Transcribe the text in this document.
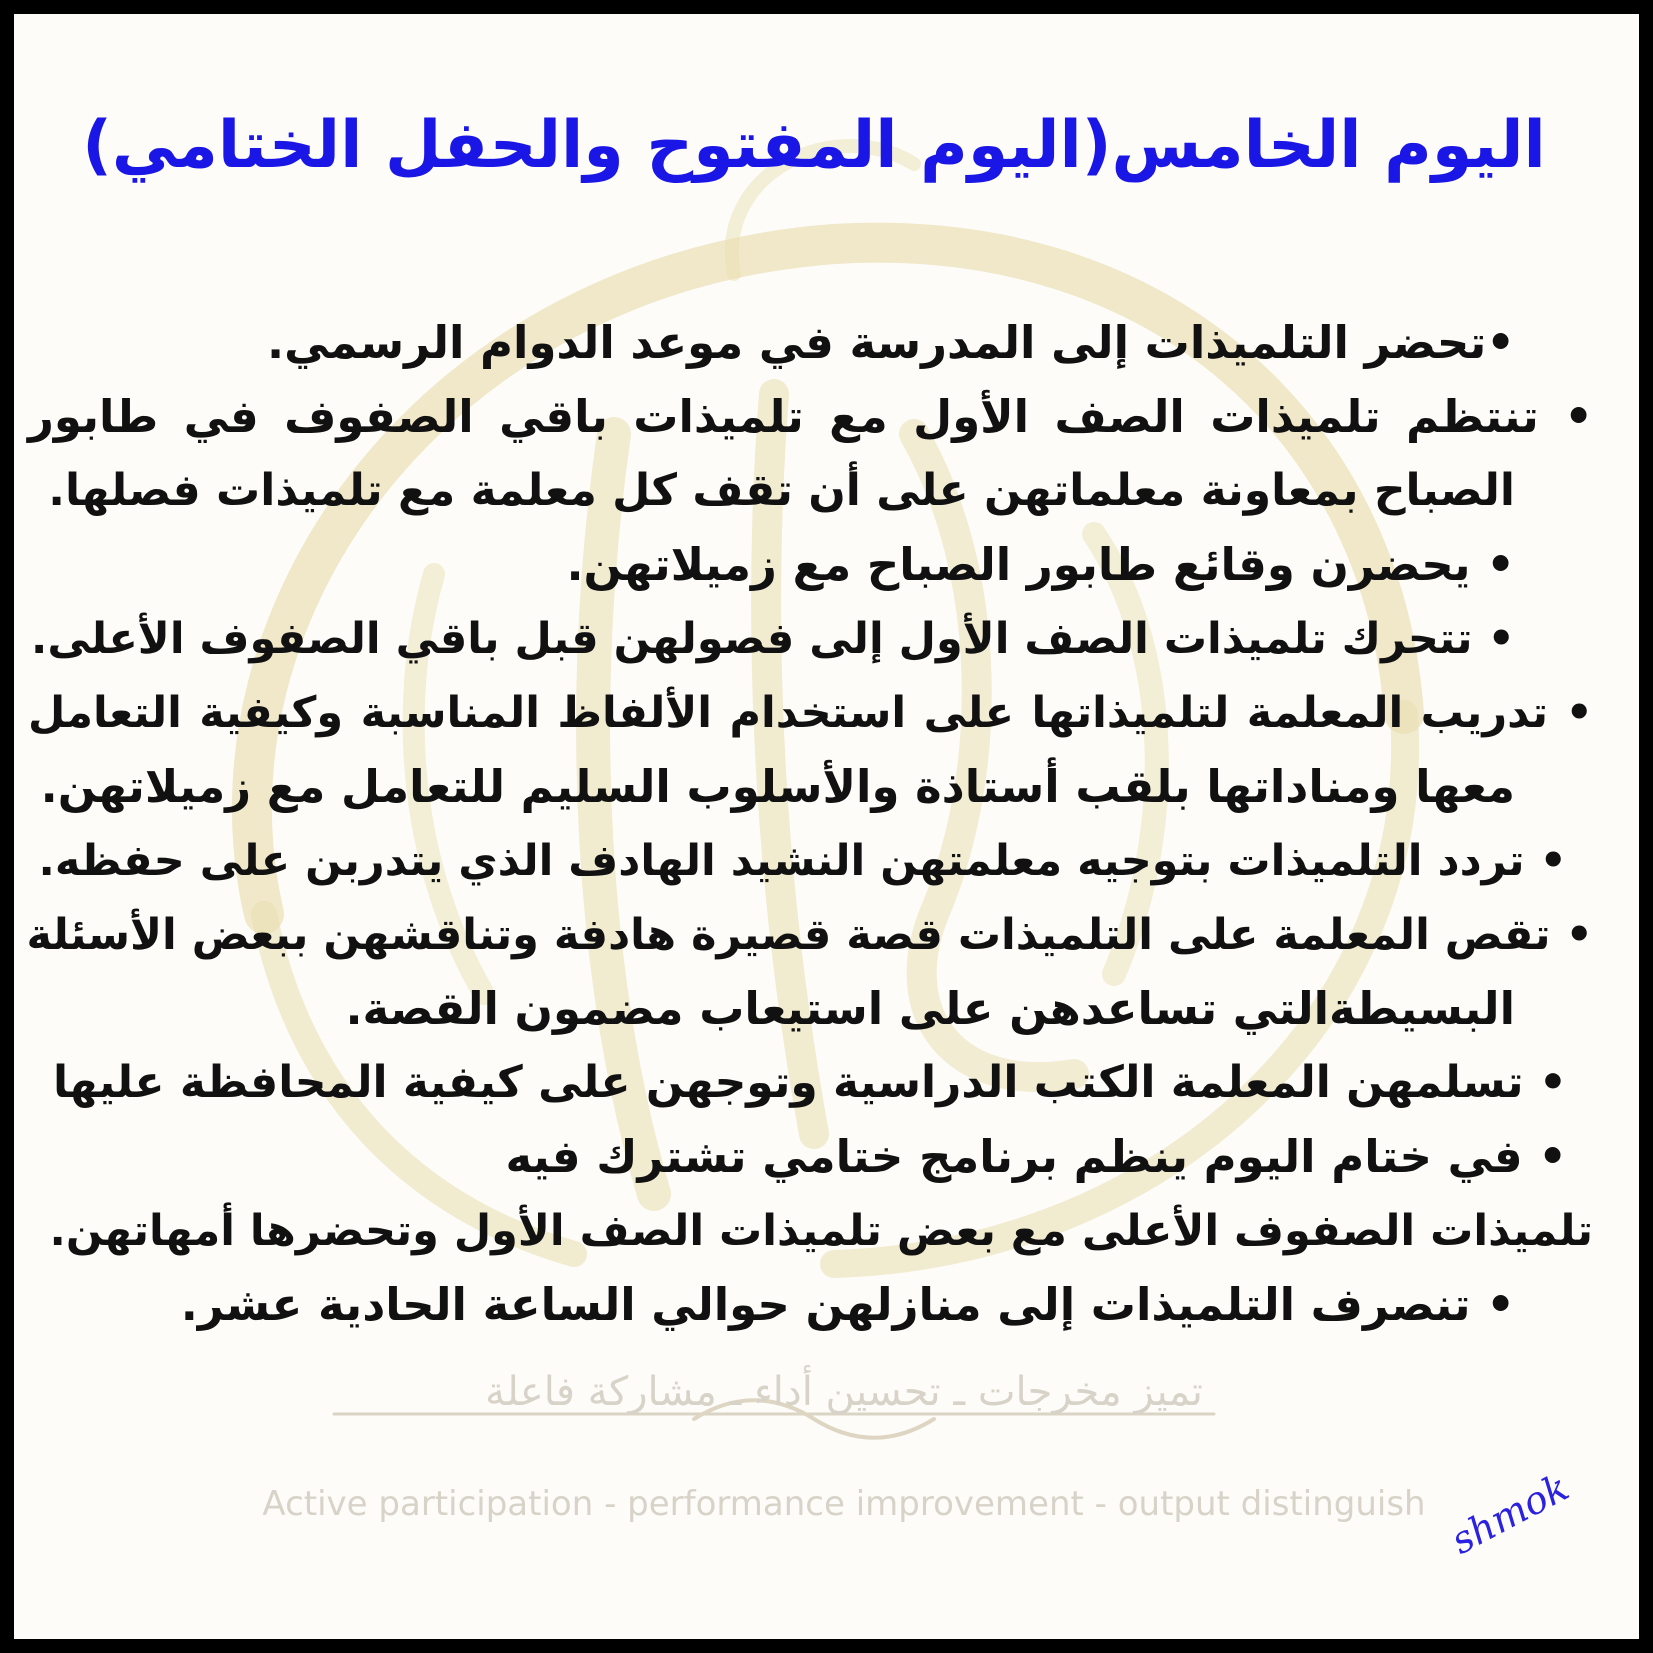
اليوم الخامس(اليوم المفتوح والحفل الختامي)
•تحضر التلميذات إلى المدرسة في موعد الدوام الرسمي.
• تنتظم تلميذات الصف الأول مع تلميذات باقي الصفوف في طابور
الصباح بمعاونة معلماتهن على أن تقف كل معلمة مع تلميذات فصلها.
• يحضرن وقائع طابور الصباح مع زميلاتهن.
• تتحرك تلميذات الصف الأول إلى فصولهن قبل باقي الصفوف الأعلى.
• تدريب المعلمة لتلميذاتها على استخدام الألفاظ المناسبة وكيفية التعامل
معها ومناداتها بلقب أستاذة والأسلوب السليم للتعامل مع زميلاتهن.
• تردد التلميذات بتوجيه معلمتهن النشيد الهادف الذي يتدربن على حفظه.
• تقص المعلمة على التلميذات قصة قصيرة هادفة وتناقشهن ببعض الأسئلة
البسيطةالتي تساعدهن على استيعاب مضمون القصة.
• تسلمهن المعلمة الكتب الدراسية وتوجهن على كيفية المحافظة عليها
• في ختام اليوم ينظم برنامج ختامي تشترك فيه
تلميذات الصفوف الأعلى مع بعض تلميذات الصف الأول وتحضرها أمهاتهن.
• تنصرف التلميذات إلى منازلهن حوالي الساعة الحادية عشر.
تميز مخرجات ـ تحسين أداء ـ مشاركة فاعلة
Active participation - performance improvement - output distinguish shmok
